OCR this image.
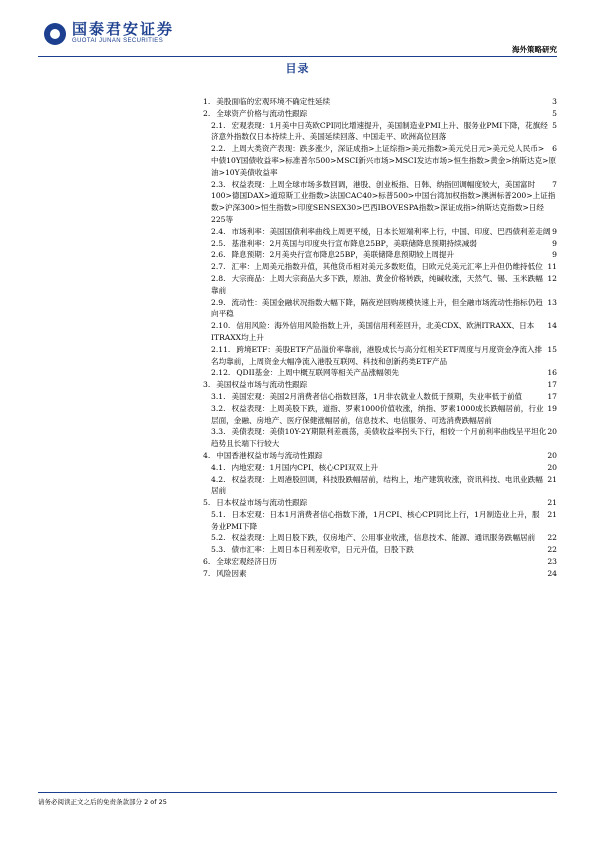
国泰君安证券
GUOTAI JUNAN SECURITIES
海外策略研究
目录
3
1. 美股面临的宏观环境不确定性延续
5
2. 全球资产价格与流动性跟踪
5
2.1. 宏观表现：1月美中日英欧CPI同比增速提升，美国制造业PMI上升、服务业PMI下降，花旗经济意外指数仅日本持续上升、美国延续回落、中国走平、欧洲高位回落
6
2.2. 上周大类资产表现：跌多涨少，深证成指>上证综指>美元指数>美元兑日元>美元兑人民币>中债10Y国债收益率>标准普尔500>MSCI新兴市场>MSCI发达市场>恒生指数>黄金>纳斯达克>原油>10Y美债收益率
7
2.3. 权益表现：上周全球市场多数回调，港股、创业板指、日韩、纳指回调幅度较大，美国富时100>德国DAX>道琼斯工业指数>法国CAC40>标普500>中国台湾加权指数>澳洲标普200>上证指数>沪深300>恒生指数>印度SENSEX30>巴西IBOVESPA指数>深证成指>纳斯达克指数>日经225等
9
2.4. 市场利率：美国国债利率曲线上周更平缓，日本长短端利率上行，中国、印度、巴西债利差走阔
9
2.5. 基准利率：2月英国与印度央行宣布降息25BP，美联储降息预期持续减弱
9
2.6. 降息预期：2月美央行宣布降息25BP，美联储降息预期较上周提升
11
2.7. 汇率：上周美元指数升值，其他货币相对美元多数贬值，日欧元兑美元汇率上升但仍维持低位
12
2.8. 大宗商品：上周大宗商品大多下跌，原油、黄金价格转跌，纯碱收涨，天然气、锡、玉米跌幅靠前
13
2.9. 流动性：美国金融状况指数大幅下降，隔夜逆回购规模快速上升，但全融市场流动性指标仍趋向平稳
14
2.10. 信用风险：海外信用风险指数上升，美国信用利差回升，北美CDX、欧洲ITRAXX、日本ITRAXX均上升
15
2.11. 跨境ETF：美股ETF产品溢价率靠前，港股成长与高分红相关ETF周度与月度资金净流入排名均靠前，上周资金大幅净流入港股互联网、科技和创新药类ETF产品
16
2.12. QDII基金：上周中概互联网等相关产品涨幅领先
17
3. 美国权益市场与流动性跟踪
17
3.1. 美国宏观：美国2月消费者信心指数回落，1月非农就业人数低于预期，失业率低于前值
19
3.2. 权益表现：上周美股下跌，道指、罗素1000价值收涨，纳指、罗素1000成长跌幅居前，行业层面，金融、房地产、医疗保健涨幅居前，信息技术、电信服务、可选消费跌幅居前
20
3.3. 美债表现：美债10Y-2Y期限利差震荡，美债收益率拐头下行，相较一个月前利率曲线呈平坦化趋势且长端下行较大
20
4. 中国香港权益市场与流动性跟踪
20
4.1. 内地宏观：1月国内CPI、核心CPI双双上升
21
4.2. 权益表现：上周港股回调，科技股跌幅居前，结构上，地产建筑收涨，资讯科技、电讯业跌幅居前
21
5. 日本权益市场与流动性跟踪
21
5.1. 日本宏观：日本1月消费者信心指数下滑，1月CPI、核心CPI同比上行，1月制造业上升，服务业PMI下降
22
5.2. 权益表现：上周日股下跌，仅房地产、公用事业收涨，信息技术、能源、通讯服务跌幅居前
22
5.3. 债市汇率：上周日本日利差收窄，日元升值，日股下跌
23
6. 全球宏观经济日历
24
7. 风险因素
请务必阅读正文之后的免责条款部分 2 of 25
